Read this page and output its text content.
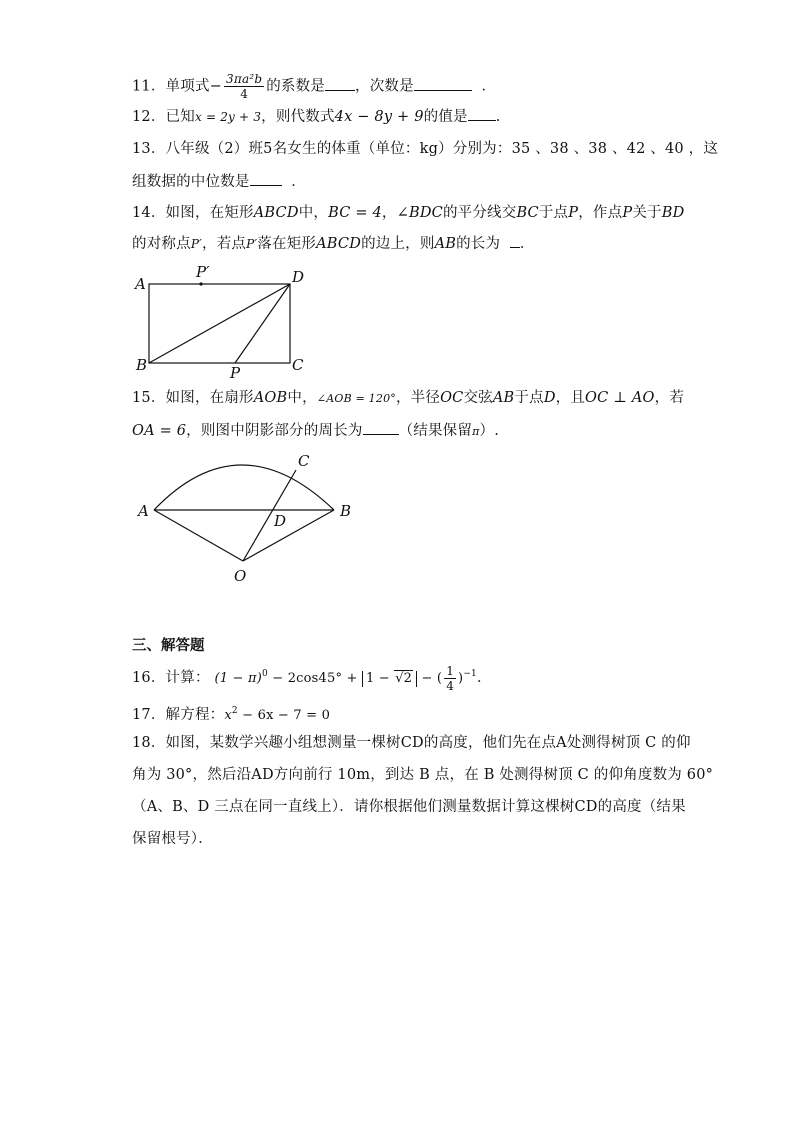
11．单项式− $\frac{\text{3πa²b}}{4}$ 的系数是 ，次数是	．
12．已知x = 2y + 3，则代数式4x − 8y + 9的值是 .
13．八年级（2）班5名女生的体重（单位：kg）分别为：35 、38 、38 、42 、40 ，这
组数据的中位数是	．
14．如图，在矩形ABCD中，BC = 4，∠BDC的平分线交BC于点P，作点P关于BD
的对称点P′，若点P′落在矩形ABCD的边上，则AB的长为 ．
A
B	C
D
P
P′
15．如图，在扇形AOB中，∠AOB = 120°，半径OC交弦AB于点D，且OC ⊥ AO，若
OA = 6，则图中阴影部分的周长为 （结果保留π）.
A	B
C
D
O
三、解答题
16．计算： $(1 - \pi)^0 - 2\cos 45^\circ + 1 - √2$ − ( $\frac{1}{4} )^{-1}$．
17．解方程：$x^2 - 6x - 7 = 0$
18．如图，某数学兴趣小组想测量一棵树CD的高度，他们先在点A处测得树顶 C 的仰
角为 30°，然后沿AD方向前行 10m，到达 B 点，在 B 处测得树顶 C 的仰角度数为 60°
（A、B、D 三点在同一直线上）．请你根据他们测量数据计算这棵树CD的高度（结果
保留根号）．
